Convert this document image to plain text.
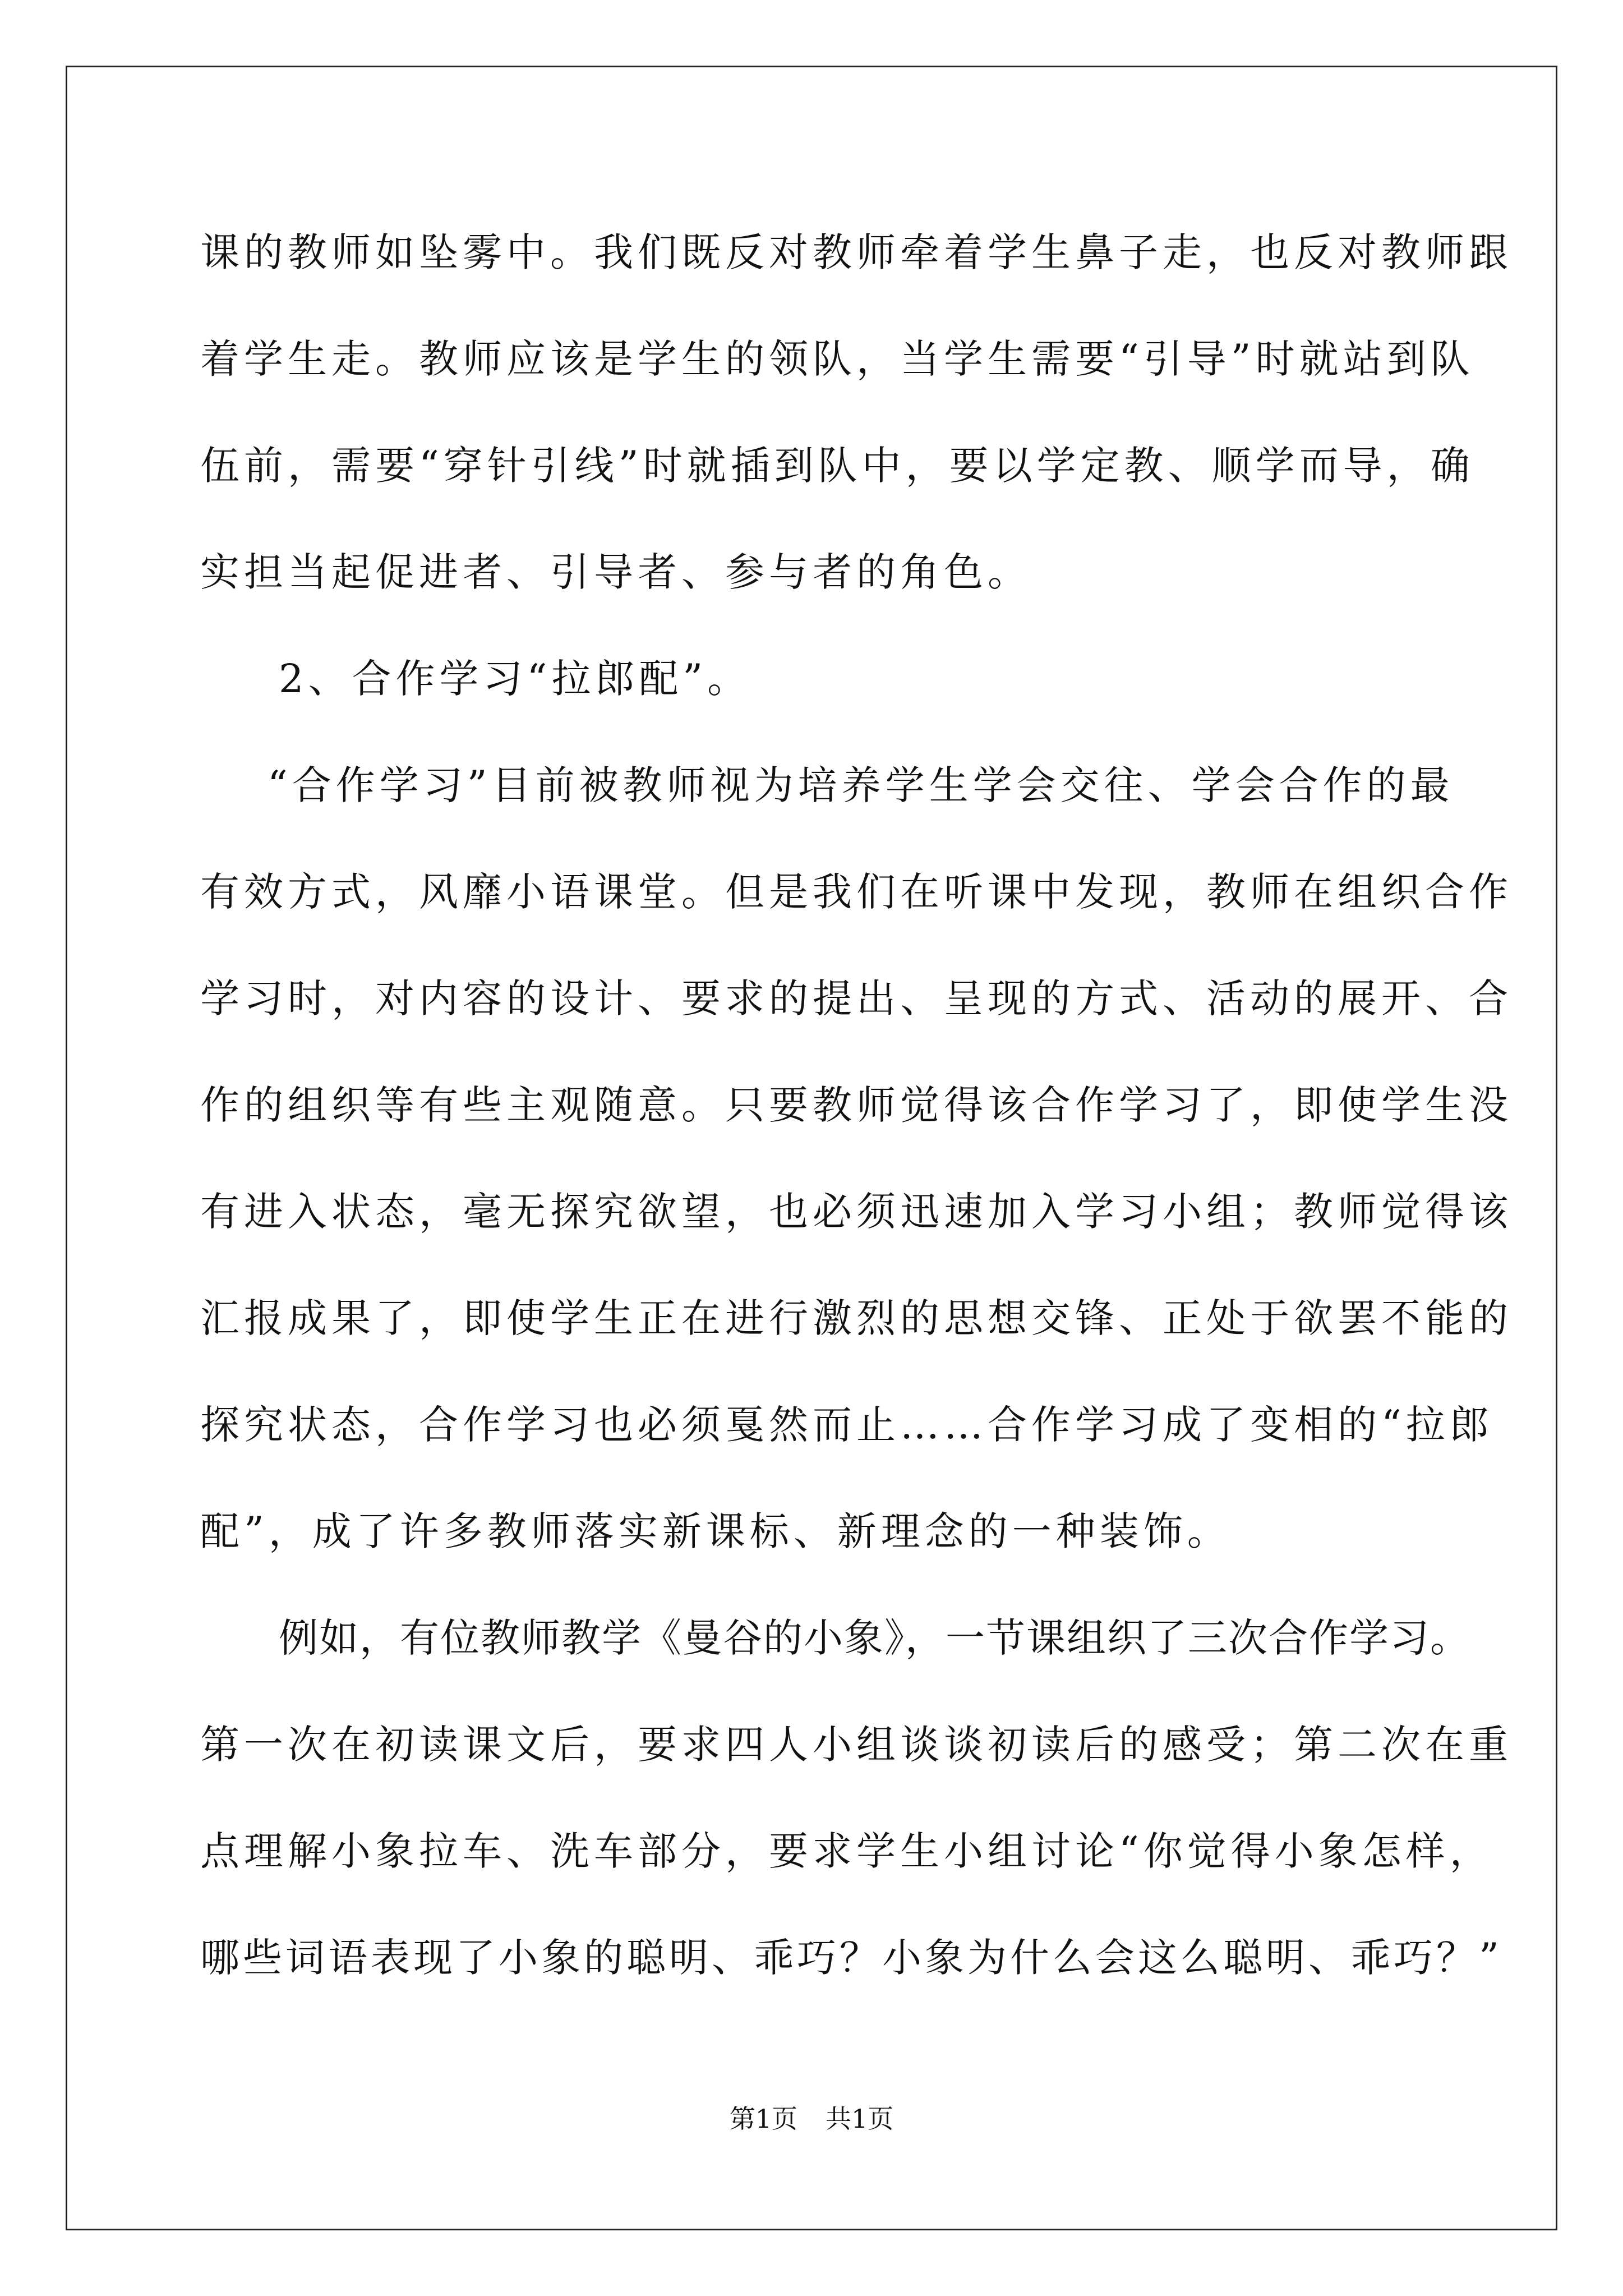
课的教师如坠雾中。我们既反对教师牵着学生鼻子走，也反对教师跟
着学生走。教师应该是学生的领队，当学生需要“引导”时就站到队
伍前，需要“穿针引线”时就插到队中，要以学定教、顺学而导，确
实担当起促进者、引导者、参与者的角色。
2、合作学习“拉郎配”。
“合作学习”目前被教师视为培养学生学会交往、学会合作的最
有效方式，风靡小语课堂。但是我们在听课中发现，教师在组织合作
学习时，对内容的设计、要求的提出、呈现的方式、活动的展开、合
作的组织等有些主观随意。只要教师觉得该合作学习了，即使学生没
有进入状态，毫无探究欲望，也必须迅速加入学习小组；教师觉得该
汇报成果了，即使学生正在进行激烈的思想交锋、正处于欲罢不能的
探究状态，合作学习也必须戛然而止……合作学习成了变相的“拉郎
配”，成了许多教师落实新课标、新理念的一种装饰。
例如，有位教师教学《曼谷的小象》，一节课组织了三次合作学习。
第一次在初读课文后，要求四人小组谈谈初读后的感受；第二次在重
点理解小象拉车、洗车部分，要求学生小组讨论“你觉得小象怎样，
哪些词语表现了小象的聪明、乖巧？小象为什么会这么聪明、乖巧？”
第1页 共1页
